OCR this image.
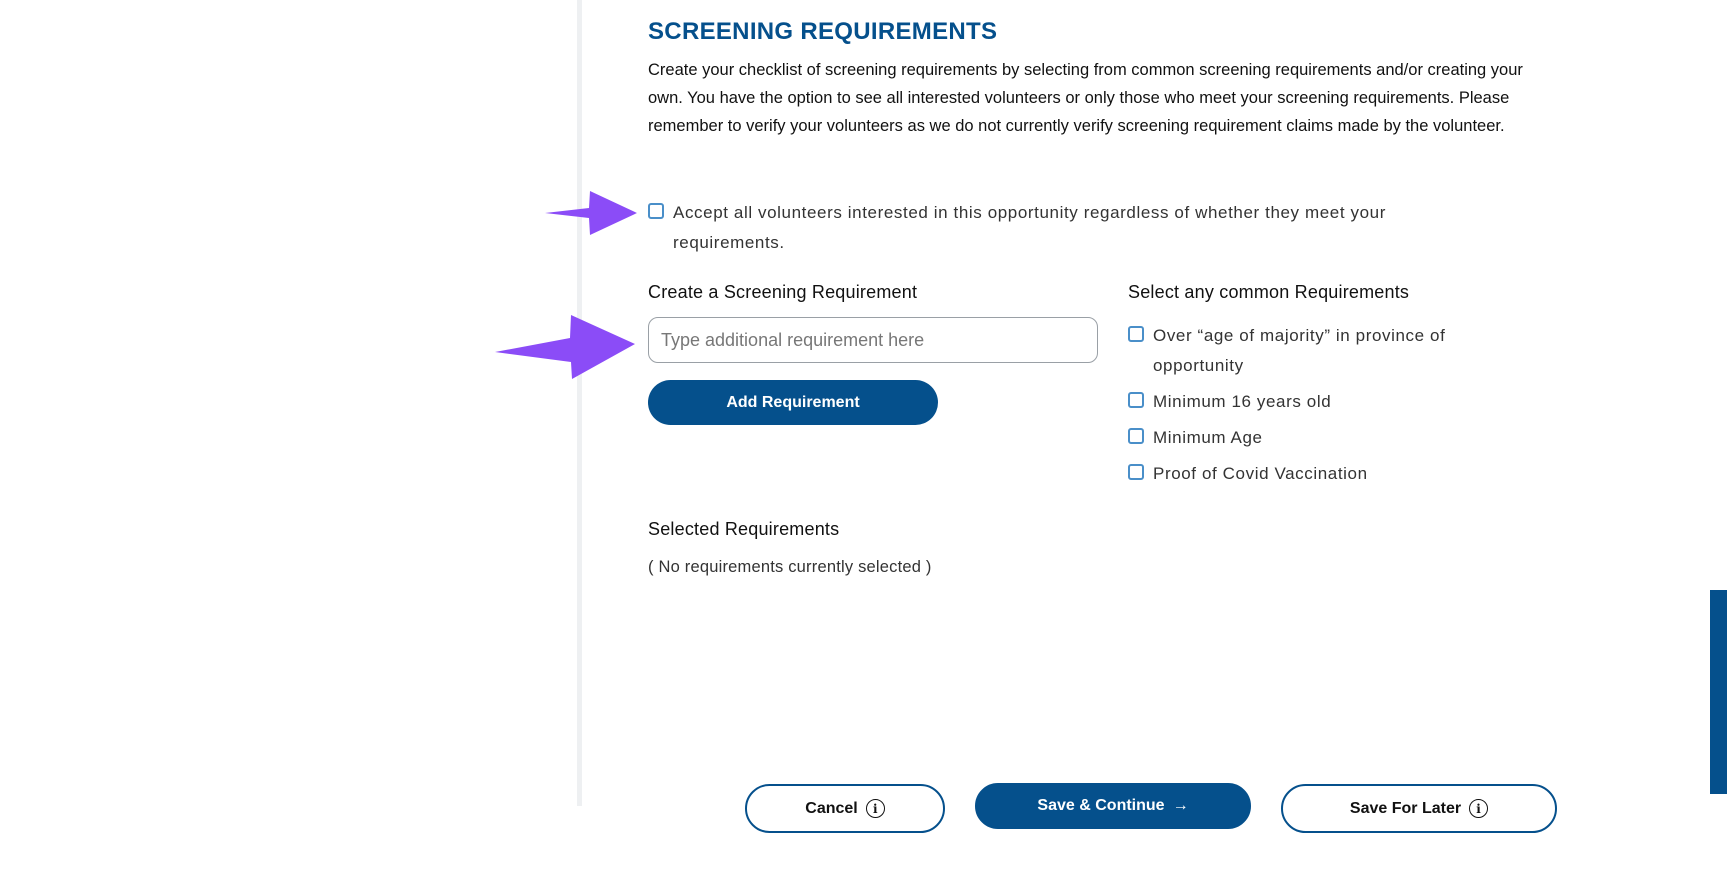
SCREENING REQUIREMENTS

Create your checklist of screening requirements by selecting from common screening requirements and/or creating your own. You have the option to see all interested volunteers or only those who meet your screening requirements. Please remember to verify your volunteers as we do not currently verify screening requirement claims made by the volunteer.

Accept all volunteers interested in this opportunity regardless of whether they meet your requirements.
Create a Screening Requirement
Type additional requirement here
Add Requirement
Select any common Requirements
Over “age of majority” in province of opportunity
Minimum 16 years old
Minimum Age
Proof of Covid Vaccination
Selected Requirements
( No requirements currently selected )
Cancel	i	Save & Continue →	Save For Later	i
